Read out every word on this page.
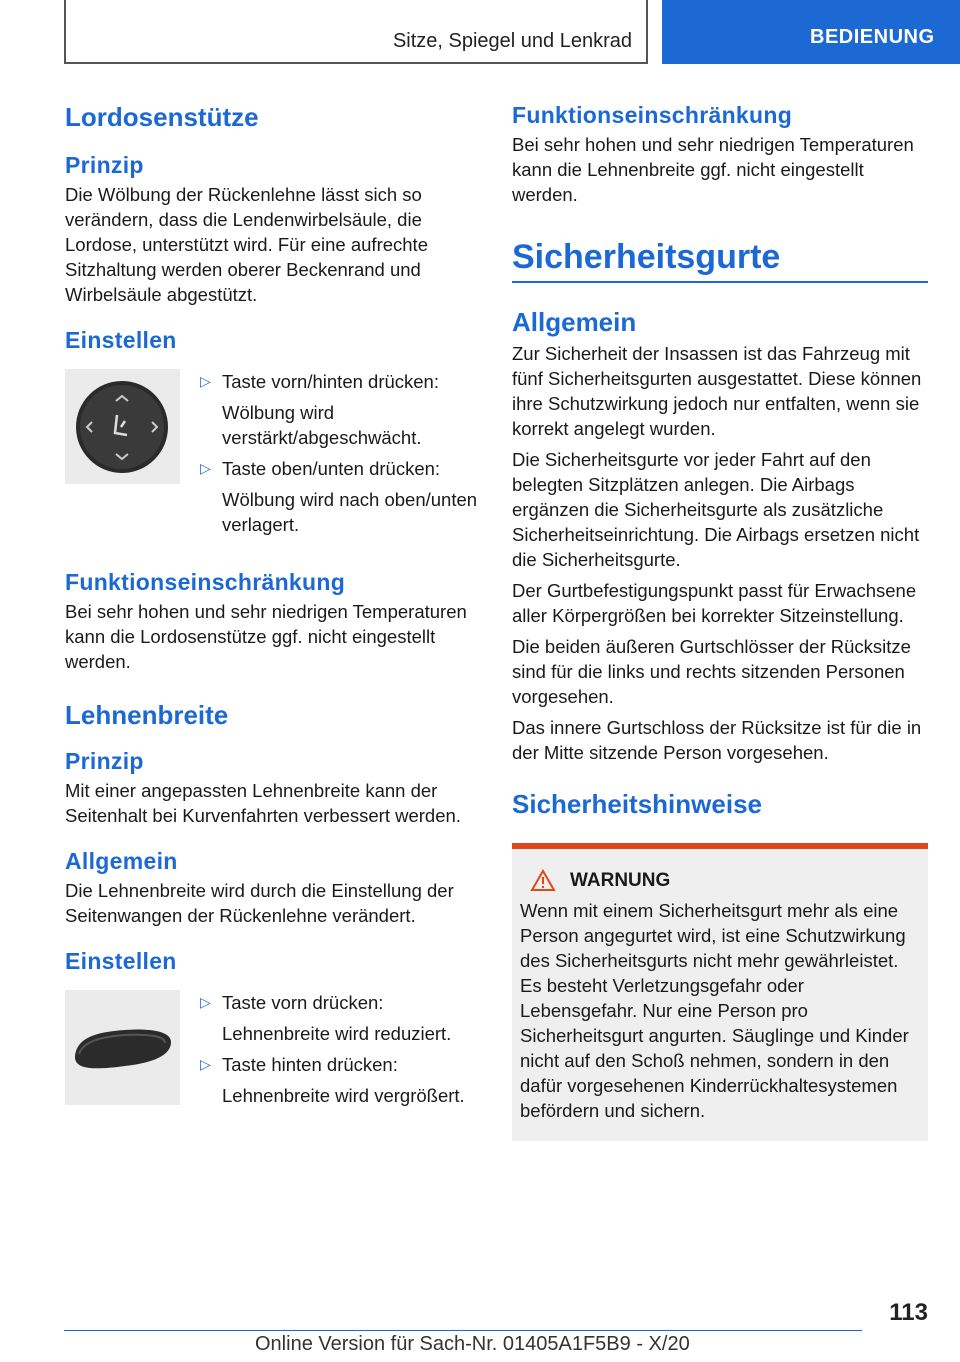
Sitze, Spiegel und Lenkrad	BEDIENUNG
Lordosenstütze
Prinzip
Die Wölbung der Rückenlehne lässt sich so verändern, dass die Lendenwirbelsäule, die Lordose, unterstützt wird. Für eine aufrechte Sitzhaltung werden oberer Beckenrand und Wirbelsäule abgestützt.
Einstellen
▷ Taste vorn/hinten drücken:
Wölbung wird verstärkt/abgeschwächt.
▷ Taste oben/unten drücken:
Wölbung wird nach oben/unten verlagert.
Funktionseinschränkung
Bei sehr hohen und sehr niedrigen Temperaturen kann die Lordosenstütze ggf. nicht eingestellt werden.
Lehnenbreite
Prinzip
Mit einer angepassten Lehnenbreite kann der Seitenhalt bei Kurvenfahrten verbessert werden.
Allgemein
Die Lehnenbreite wird durch die Einstellung der Seitenwangen der Rückenlehne verändert.
Einstellen
▷ Taste vorn drücken:
Lehnenbreite wird reduziert.
▷ Taste hinten drücken:
Lehnenbreite wird vergrößert.
Funktionseinschränkung
Bei sehr hohen und sehr niedrigen Temperaturen kann die Lehnenbreite ggf. nicht eingestellt werden.
Sicherheitsgurte
Allgemein
Zur Sicherheit der Insassen ist das Fahrzeug mit fünf Sicherheitsgurten ausgestattet. Diese können ihre Schutzwirkung jedoch nur entfalten, wenn sie korrekt angelegt wurden.
Die Sicherheitsgurte vor jeder Fahrt auf den belegten Sitzplätzen anlegen. Die Airbags ergänzen die Sicherheitsgurte als zusätzliche Sicherheitseinrichtung. Die Airbags ersetzen nicht die Sicherheitsgurte.
Der Gurtbefestigungspunkt passt für Erwachsene aller Körpergrößen bei korrekter Sitzeinstellung.
Die beiden äußeren Gurtschlösser der Rücksitze sind für die links und rechts sitzenden Personen vorgesehen.
Das innere Gurtschloss der Rücksitze ist für die in der Mitte sitzende Person vorgesehen.
Sicherheitshinweise
WARNUNG
Wenn mit einem Sicherheitsgurt mehr als eine Person angegurtet wird, ist eine Schutzwirkung des Sicherheitsgurts nicht mehr gewährleistet. Es besteht Verletzungsgefahr oder Lebensgefahr. Nur eine Person pro Sicherheitsgurt angurten. Säuglinge und Kinder nicht auf den Schoß nehmen, sondern in den dafür vorgesehenen Kinderrückhaltesystemen befördern und sichern.
113
Online Version für Sach-Nr. 01405A1F5B9 - X/20
